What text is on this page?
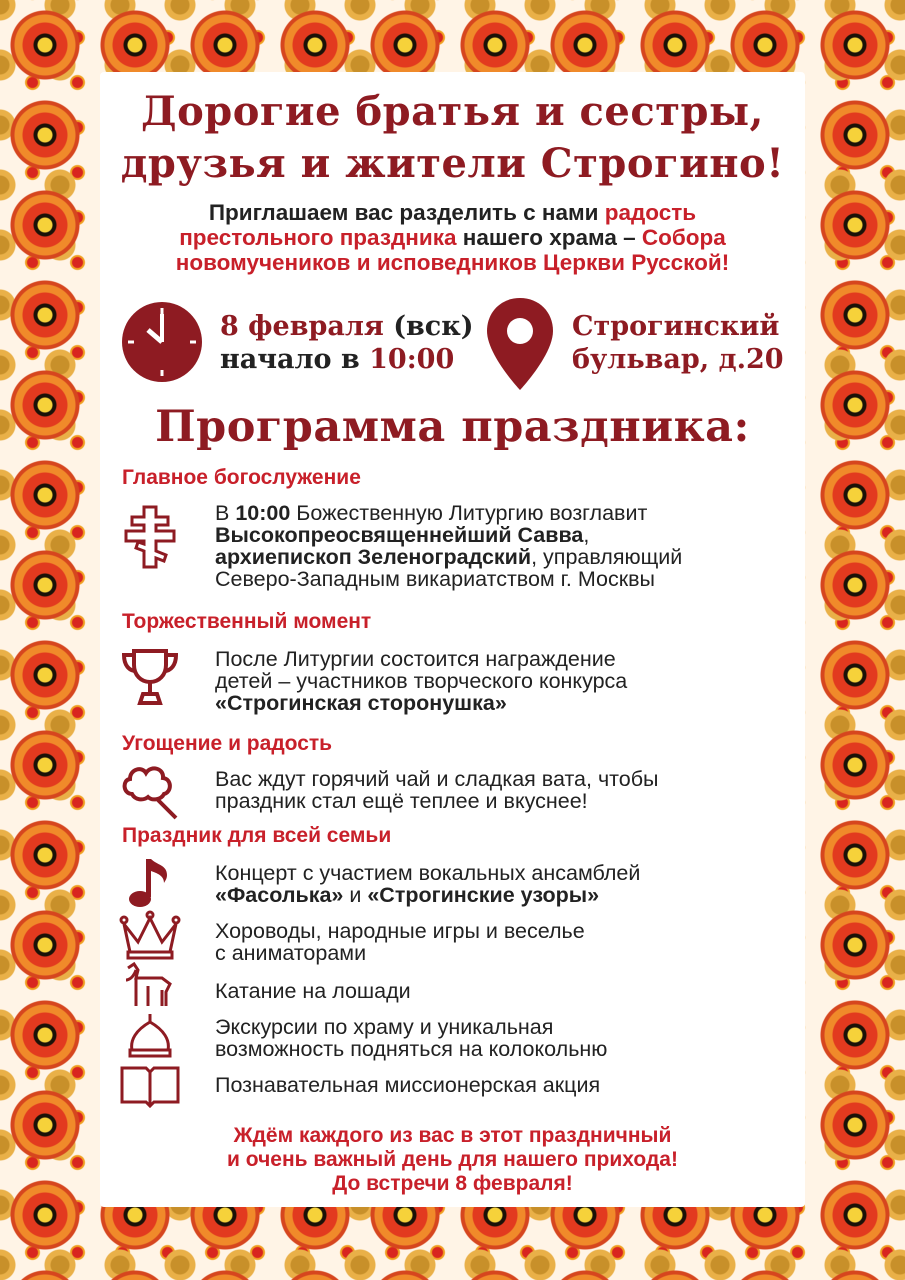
Дорогие братья и сестры,
друзья и жители Строгино!
Приглашаем вас разделить с нами радость
престольного праздника нашего храма – Собора
новомучеников и исповедников Церкви Русской!
8 февраля (вск)
начало в 10:00
Строгинский
бульвар, д.20
Программа праздника:
Главное богослужение
В 10:00 Божественную Литургию возглавит
Высокопреосвященнейший Савва,
архиепископ Зеленоградский, управляющий
Северо-Западным викариатством г. Москвы
Торжественный момент
После Литургии состоится награждение
детей – участников творческого конкурса
«Строгинская сторонушка»
Угощение и радость
Вас ждут горячий чай и сладкая вата, чтобы
праздник стал ещё теплее и вкуснее!
Праздник для всей семьи
Концерт с участием вокальных ансамблей
«Фасолька» и «Строгинские узоры»
Хороводы, народные игры и веселье
с аниматорами
Катание на лошади
Экскурсии по храму и уникальная
возможность подняться на колокольню
Познавательная миссионерская акция
Ждём каждого из вас в этот праздничный
и очень важный день для нашего прихода!
До встречи 8 февраля!
